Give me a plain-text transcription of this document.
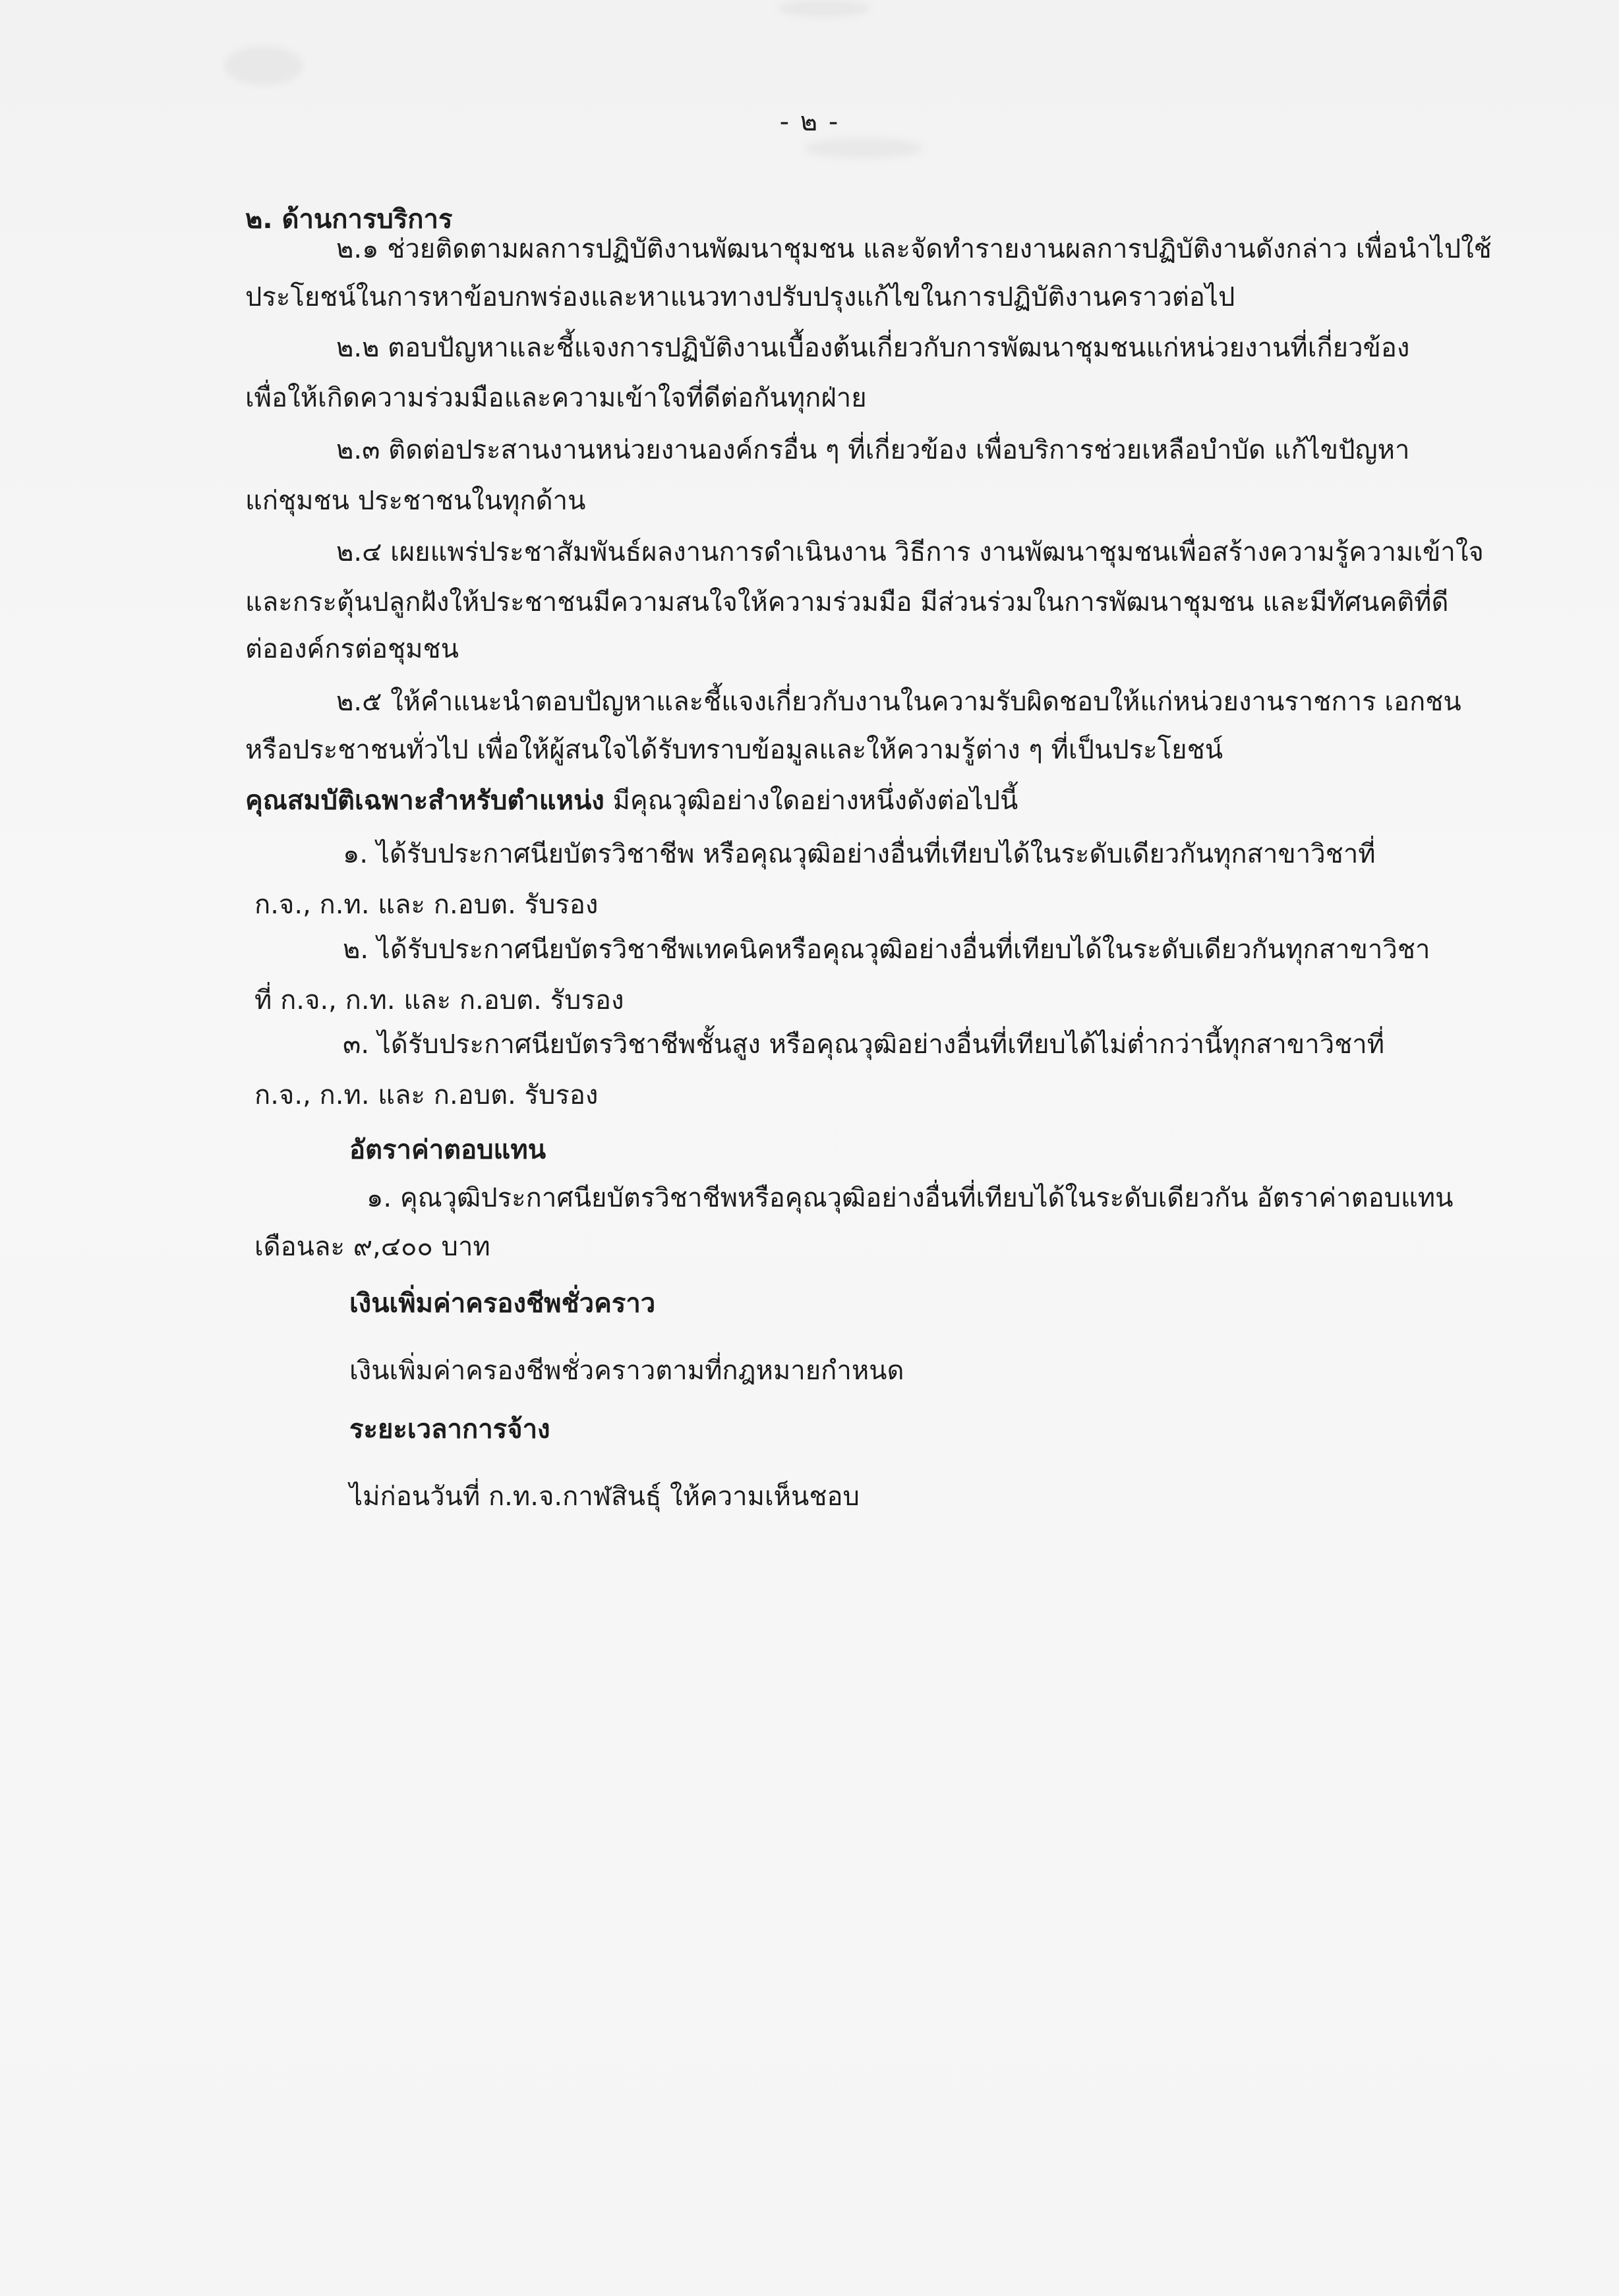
- ๒ -
๒. ด้านการบริการ
๒.๑ ช่วยติดตามผลการปฏิบัติงานพัฒนาชุมชน และจัดทำรายงานผลการปฏิบัติงานดังกล่าว เพื่อนำไปใช้
ประโยชน์ในการหาข้อบกพร่องและหาแนวทางปรับปรุงแก้ไขในการปฏิบัติงานคราวต่อไป
๒.๒ ตอบปัญหาและชี้แจงการปฏิบัติงานเบื้องต้นเกี่ยวกับการพัฒนาชุมชนแก่หน่วยงานที่เกี่ยวข้อง
เพื่อให้เกิดความร่วมมือและความเข้าใจที่ดีต่อกันทุกฝ่าย
๒.๓ ติดต่อประสานงานหน่วยงานองค์กรอื่น ๆ ที่เกี่ยวข้อง เพื่อบริการช่วยเหลือบำบัด แก้ไขปัญหา
แก่ชุมชน ประชาชนในทุกด้าน
๒.๔ เผยแพร่ประชาสัมพันธ์ผลงานการดำเนินงาน วิธีการ งานพัฒนาชุมชนเพื่อสร้างความรู้ความเข้าใจ
และกระตุ้นปลูกฝังให้ประชาชนมีความสนใจให้ความร่วมมือ มีส่วนร่วมในการพัฒนาชุมชน และมีทัศนคติที่ดี
ต่อองค์กรต่อชุมชน
๒.๕ ให้คำแนะนำตอบปัญหาและชี้แจงเกี่ยวกับงานในความรับผิดชอบให้แก่หน่วยงานราชการ เอกชน
หรือประชาชนทั่วไป เพื่อให้ผู้สนใจได้รับทราบข้อมูลและให้ความรู้ต่าง ๆ ที่เป็นประโยชน์
คุณสมบัติเฉพาะสำหรับตำแหน่ง มีคุณวุฒิอย่างใดอย่างหนึ่งดังต่อไปนี้
๑. ได้รับประกาศนียบัตรวิชาชีพ หรือคุณวุฒิอย่างอื่นที่เทียบได้ในระดับเดียวกันทุกสาขาวิชาที่
ก.จ., ก.ท. และ ก.อบต. รับรอง
๒. ได้รับประกาศนียบัตรวิชาชีพเทคนิคหรือคุณวุฒิอย่างอื่นที่เทียบได้ในระดับเดียวกันทุกสาขาวิชา
ที่ ก.จ., ก.ท. และ ก.อบต. รับรอง
๓. ได้รับประกาศนียบัตรวิชาชีพชั้นสูง หรือคุณวุฒิอย่างอื่นที่เทียบได้ไม่ต่ำกว่านี้ทุกสาขาวิชาที่
ก.จ., ก.ท. และ ก.อบต. รับรอง
อัตราค่าตอบแทน
๑. คุณวุฒิประกาศนียบัตรวิชาชีพหรือคุณวุฒิอย่างอื่นที่เทียบได้ในระดับเดียวกัน อัตราค่าตอบแทน
เดือนละ ๙,๔๐๐ บาท
เงินเพิ่มค่าครองชีพชั่วคราว
เงินเพิ่มค่าครองชีพชั่วคราวตามที่กฎหมายกำหนด
ระยะเวลาการจ้าง
ไม่ก่อนวันที่ ก.ท.จ.กาฬสินธุ์ ให้ความเห็นชอบ
